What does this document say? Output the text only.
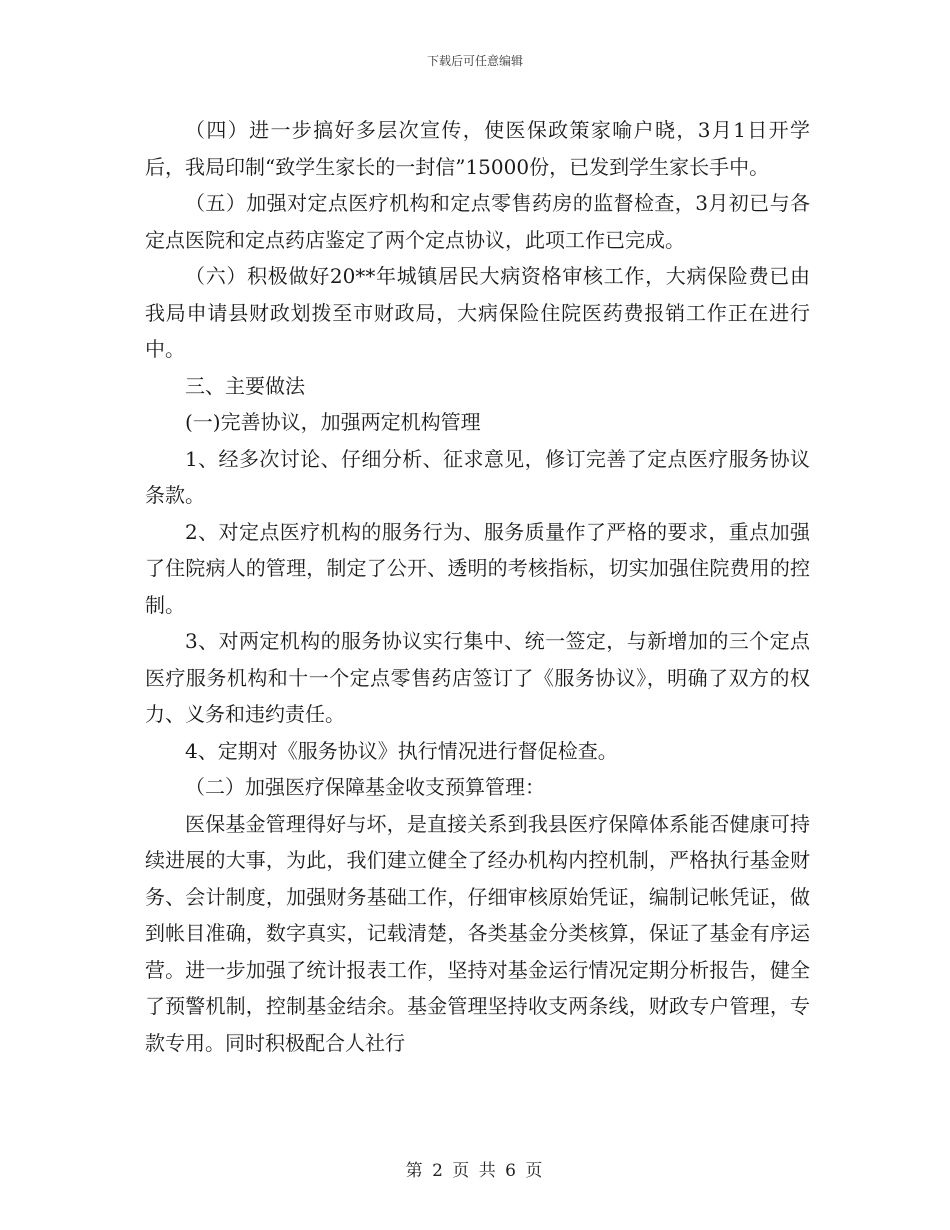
下载后可任意编辑

（四）进一步搞好多层次宣传，使医保政策家喻户晓，3月1日开学后，我局印制“致学生家长的一封信”15000份，已发到学生家长手中。

（五）加强对定点医疗机构和定点零售药房的监督检查，3月初已与各定点医院和定点药店鉴定了两个定点协议，此项工作已完成。

（六）积极做好20**年城镇居民大病资格审核工作，大病保险费已由我局申请县财政划拨至市财政局，大病保险住院医药费报销工作正在进行中。

三、主要做法

(一)完善协议，加强两定机构管理

1、经多次讨论、仔细分析、征求意见，修订完善了定点医疗服务协议条款。

2、对定点医疗机构的服务行为、服务质量作了严格的要求，重点加强了住院病人的管理，制定了公开、透明的考核指标，切实加强住院费用的控制。

3、对两定机构的服务协议实行集中、统一签定，与新增加的三个定点医疗服务机构和十一个定点零售药店签订了《服务协议》，明确了双方的权力、义务和违约责任。

4、定期对《服务协议》执行情况进行督促检查。

（二）加强医疗保障基金收支预算管理：

医保基金管理得好与坏，是直接关系到我县医疗保障体系能否健康可持续进展的大事，为此，我们建立健全了经办机构内控机制，严格执行基金财务、会计制度，加强财务基础工作，仔细审核原始凭证，编制记帐凭证，做到帐目准确，数字真实，记载清楚，各类基金分类核算，保证了基金有序运营。进一步加强了统计报表工作，坚持对基金运行情况定期分析报告，健全了预警机制，控制基金结余。基金管理坚持收支两条线，财政专户管理，专款专用。同时积极配合人社行

第 2 页 共 6 页
